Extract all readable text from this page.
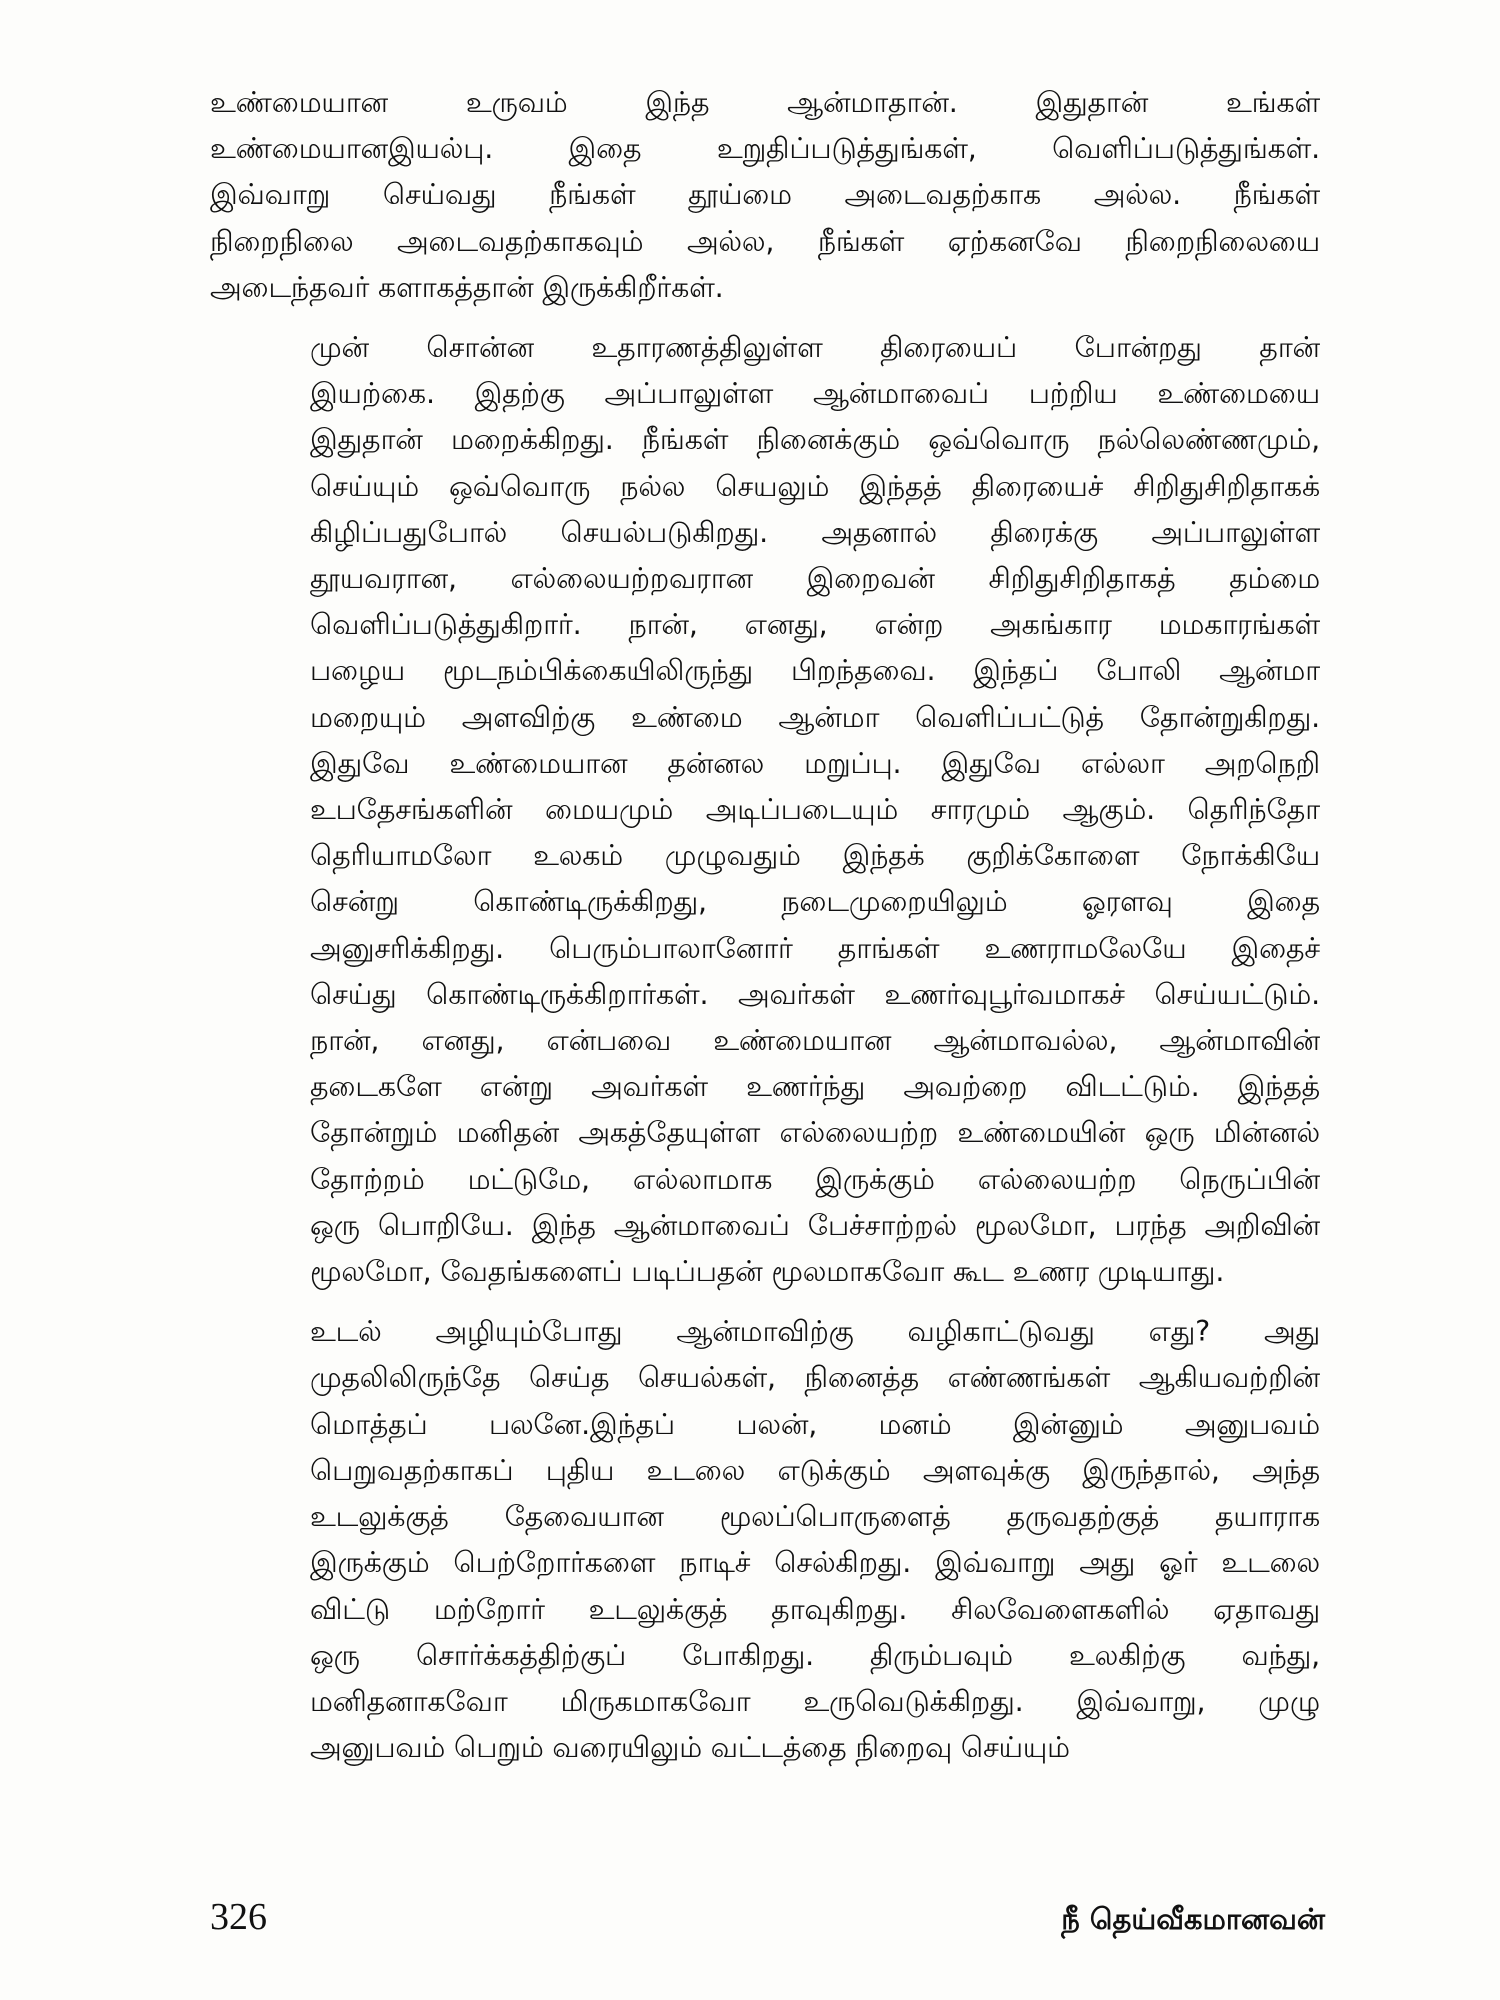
உண்மையான உருவம் இந்த ஆன்மாதான். இதுதான் உங்கள்
உண்மையானஇயல்பு. இதை உறுதிப்படுத்துங்கள், வெளிப்படுத்துங்கள்.
இவ்வாறு செய்வது நீங்கள் தூய்மை அடைவதற்காக அல்ல. நீங்கள்
நிறைநிலை அடைவதற்காகவும் அல்ல, நீங்கள் ஏற்கனவே நிறைநிலையை
அடைந்தவர் களாகத்தான் இருக்கிறீர்கள்.

முன் சொன்ன உதாரணத்திலுள்ள திரையைப் போன்றது தான்
இயற்கை. இதற்கு அப்பாலுள்ள ஆன்மாவைப் பற்றிய உண்மையை
இதுதான் மறைக்கிறது. நீங்கள் நினைக்கும் ஒவ்வொரு நல்லெண்ணமும்,
செய்யும் ஒவ்வொரு நல்ல செயலும் இந்தத் திரையைச் சிறிதுசிறிதாகக்
கிழிப்பதுபோல் செயல்படுகிறது. அதனால் திரைக்கு அப்பாலுள்ள
தூயவரான, எல்லையற்றவரான இறைவன் சிறிதுசிறிதாகத் தம்மை
வெளிப்படுத்துகிறார். நான், எனது, என்ற அகங்கார மமகாரங்கள்
பழைய மூடநம்பிக்கையிலிருந்து பிறந்தவை. இந்தப் போலி ஆன்மா
மறையும் அளவிற்கு உண்மை ஆன்மா வெளிப்பட்டுத் தோன்றுகிறது.
இதுவே உண்மையான தன்னல மறுப்பு. இதுவே எல்லா அறநெறி
உபதேசங்களின் மையமும் அடிப்படையும் சாரமும் ஆகும். தெரிந்தோ
தெரியாமலோ உலகம் முழுவதும் இந்தக் குறிக்கோளை நோக்கியே
சென்று கொண்டிருக்கிறது, நடைமுறையிலும் ஓரளவு இதை
அனுசரிக்கிறது. பெரும்பாலானோர் தாங்கள் உணராமலேயே இதைச்
செய்து கொண்டிருக்கிறார்கள். அவர்கள் உணர்வுபூர்வமாகச் செய்யட்டும்.
நான், எனது, என்பவை உண்மையான ஆன்மாவல்ல, ஆன்மாவின்
தடைகளே என்று அவர்கள் உணர்ந்து அவற்றை விடட்டும். இந்தத்
தோன்றும் மனிதன் அகத்தேயுள்ள எல்லையற்ற உண்மையின் ஒரு மின்னல்
தோற்றம் மட்டுமே, எல்லாமாக இருக்கும் எல்லையற்ற நெருப்பின்
ஒரு பொறியே. இந்த ஆன்மாவைப் பேச்சாற்றல் மூலமோ, பரந்த அறிவின்
மூலமோ, வேதங்களைப் படிப்பதன் மூலமாகவோ கூட உணர முடியாது.

உடல் அழியும்போது ஆன்மாவிற்கு வழிகாட்டுவது எது? அது
முதலிலிருந்தே செய்த செயல்கள், நினைத்த எண்ணங்கள் ஆகியவற்றின்
மொத்தப் பலனே.இந்தப் பலன், மனம் இன்னும் அனுபவம்
பெறுவதற்காகப் புதிய உடலை எடுக்கும் அளவுக்கு இருந்தால், அந்த
உடலுக்குத் தேவையான மூலப்பொருளைத் தருவதற்குத் தயாராக
இருக்கும் பெற்றோர்களை நாடிச் செல்கிறது. இவ்வாறு அது ஓர் உடலை
விட்டு மற்றோர் உடலுக்குத் தாவுகிறது. சிலவேளைகளில் ஏதாவது
ஒரு சொர்க்கத்திற்குப் போகிறது. திரும்பவும் உலகிற்கு வந்து,
மனிதனாகவோ மிருகமாகவோ உருவெடுக்கிறது. இவ்வாறு, முழு
அனுபவம் பெறும் வரையிலும் வட்டத்தை நிறைவு செய்யும்

326	நீ தெய்வீகமானவன்
